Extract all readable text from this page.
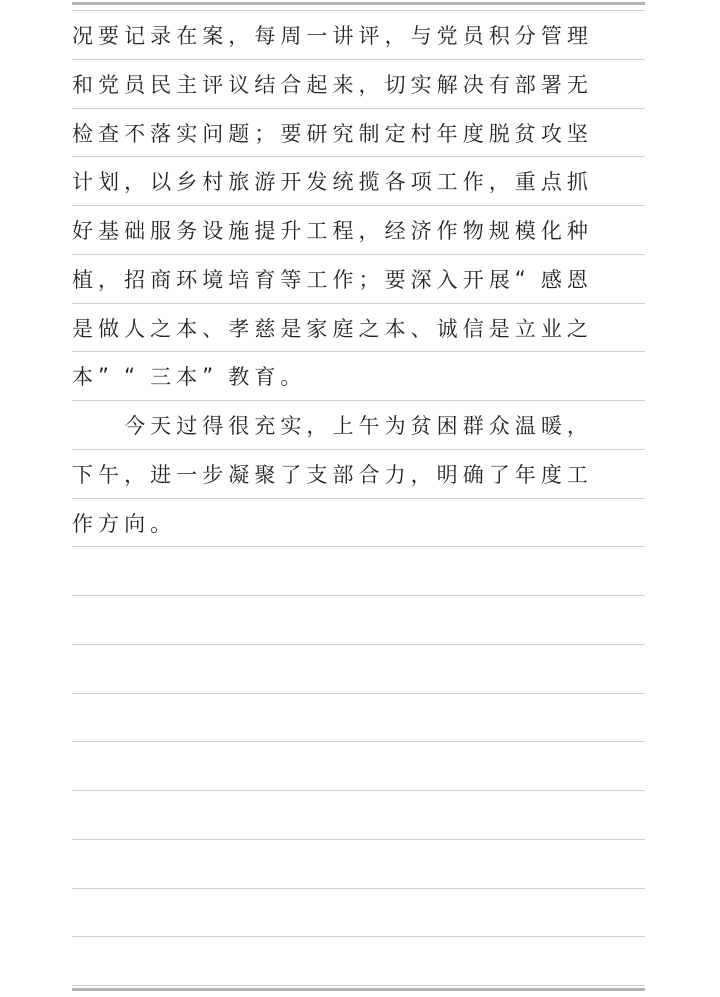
况 要 记 录 在 案 ， 每 周 一 讲 评 ， 与 党 员 积 分 管 理
和 党 员 民 主 评 议 结 合 起 来 ， 切 实 解 决 有 部 署 无
检 查 不 落 实 问 题 ； 要 研 究 制 定 村 年 度 脱 贫 攻 坚
计 划 ， 以 乡 村 旅 游 开 发 统 揽 各 项 工 作 ， 重 点 抓
好 基 础 服 务 设 施 提 升 工 程 ， 经 济 作 物 规 模 化 种
植 ， 招 商 环 境 培 育 等 工 作 ； 要 深 入 开 展 “ 感 恩
是 做 人 之 本 、 孝 慈 是 家 庭 之 本 、 诚 信 是 立 业 之
本 ” “ 三 本 ” 教 育 。

今 天 过 得 很 充 实 ， 上 午 为 贫 困 群 众 温 暖 ，
下 午 ， 进 一 步 凝 聚 了 支 部 合 力 ， 明 确 了 年 度 工
作 方 向 。
